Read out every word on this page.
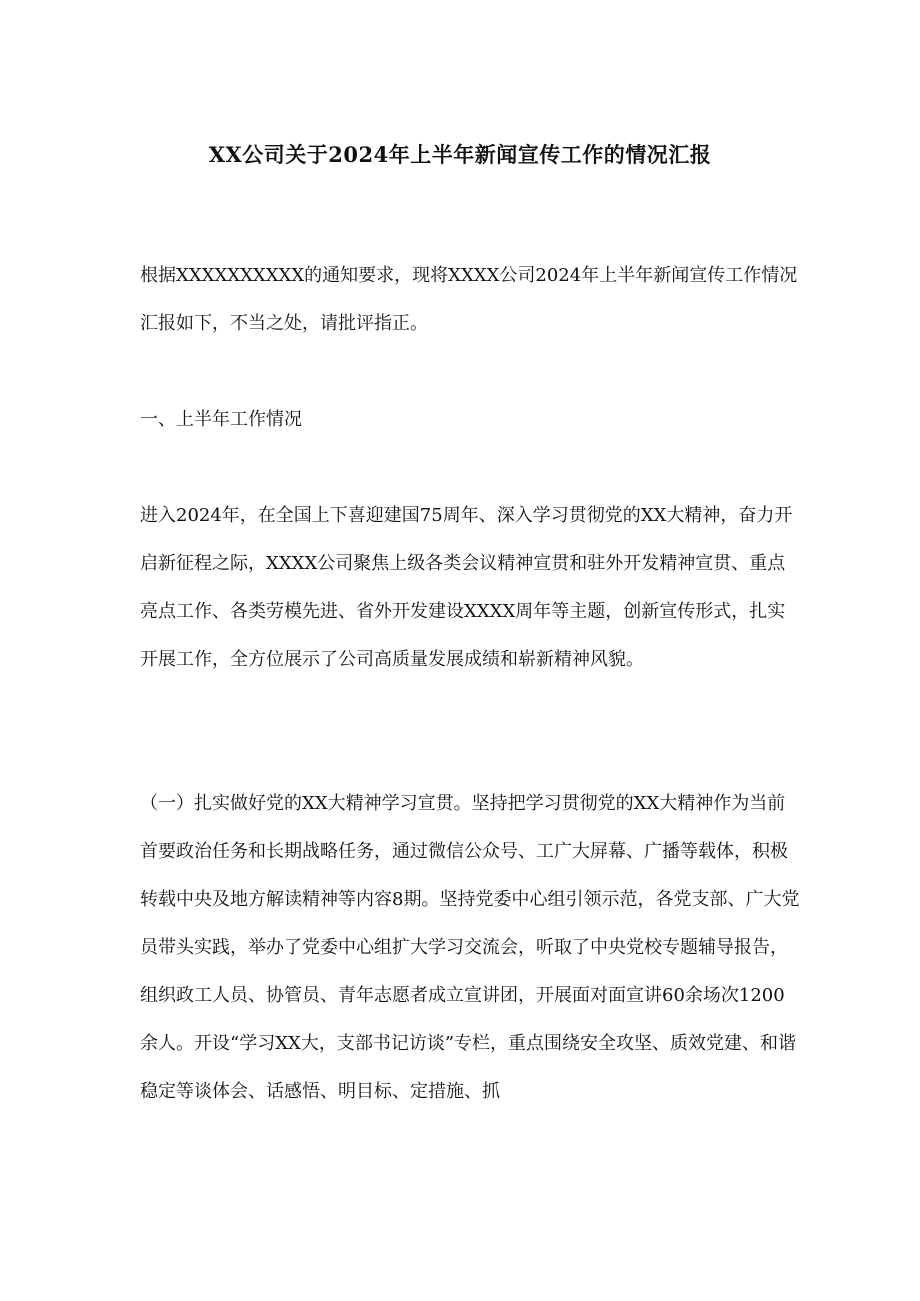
XX公司关于2024年上半年新闻宣传工作的情况汇报

根据XXXXXXXXXX的通知要求，现将XXXX公司2024年上半年新闻宣传工作情况汇报如下，不当之处，请批评指正。

一、上半年工作情况

进入2024年，在全国上下喜迎建国75周年、深入学习贯彻党的XX大精神，奋力开启新征程之际，XXXX公司聚焦上级各类会议精神宣贯和驻外开发精神宣贯、重点亮点工作、各类劳模先进、省外开发建设XXXX周年等主题，创新宣传形式，扎实开展工作，全方位展示了公司高质量发展成绩和崭新精神风貌。

（一）扎实做好党的XX大精神学习宣贯。坚持把学习贯彻党的XX大精神作为当前首要政治任务和长期战略任务，通过微信公众号、工广大屏幕、广播等载体，积极转载中央及地方解读精神等内容8期。坚持党委中心组引领示范，各党支部、广大党员带头实践，举办了党委中心组扩大学习交流会，听取了中央党校专题辅导报告，组织政工人员、协管员、青年志愿者成立宣讲团，开展面对面宣讲60余场次1200余人。开设“学习XX大，支部书记访谈”专栏，重点围绕安全攻坚、质效党建、和谐稳定等谈体会、话感悟、明目标、定措施、抓
